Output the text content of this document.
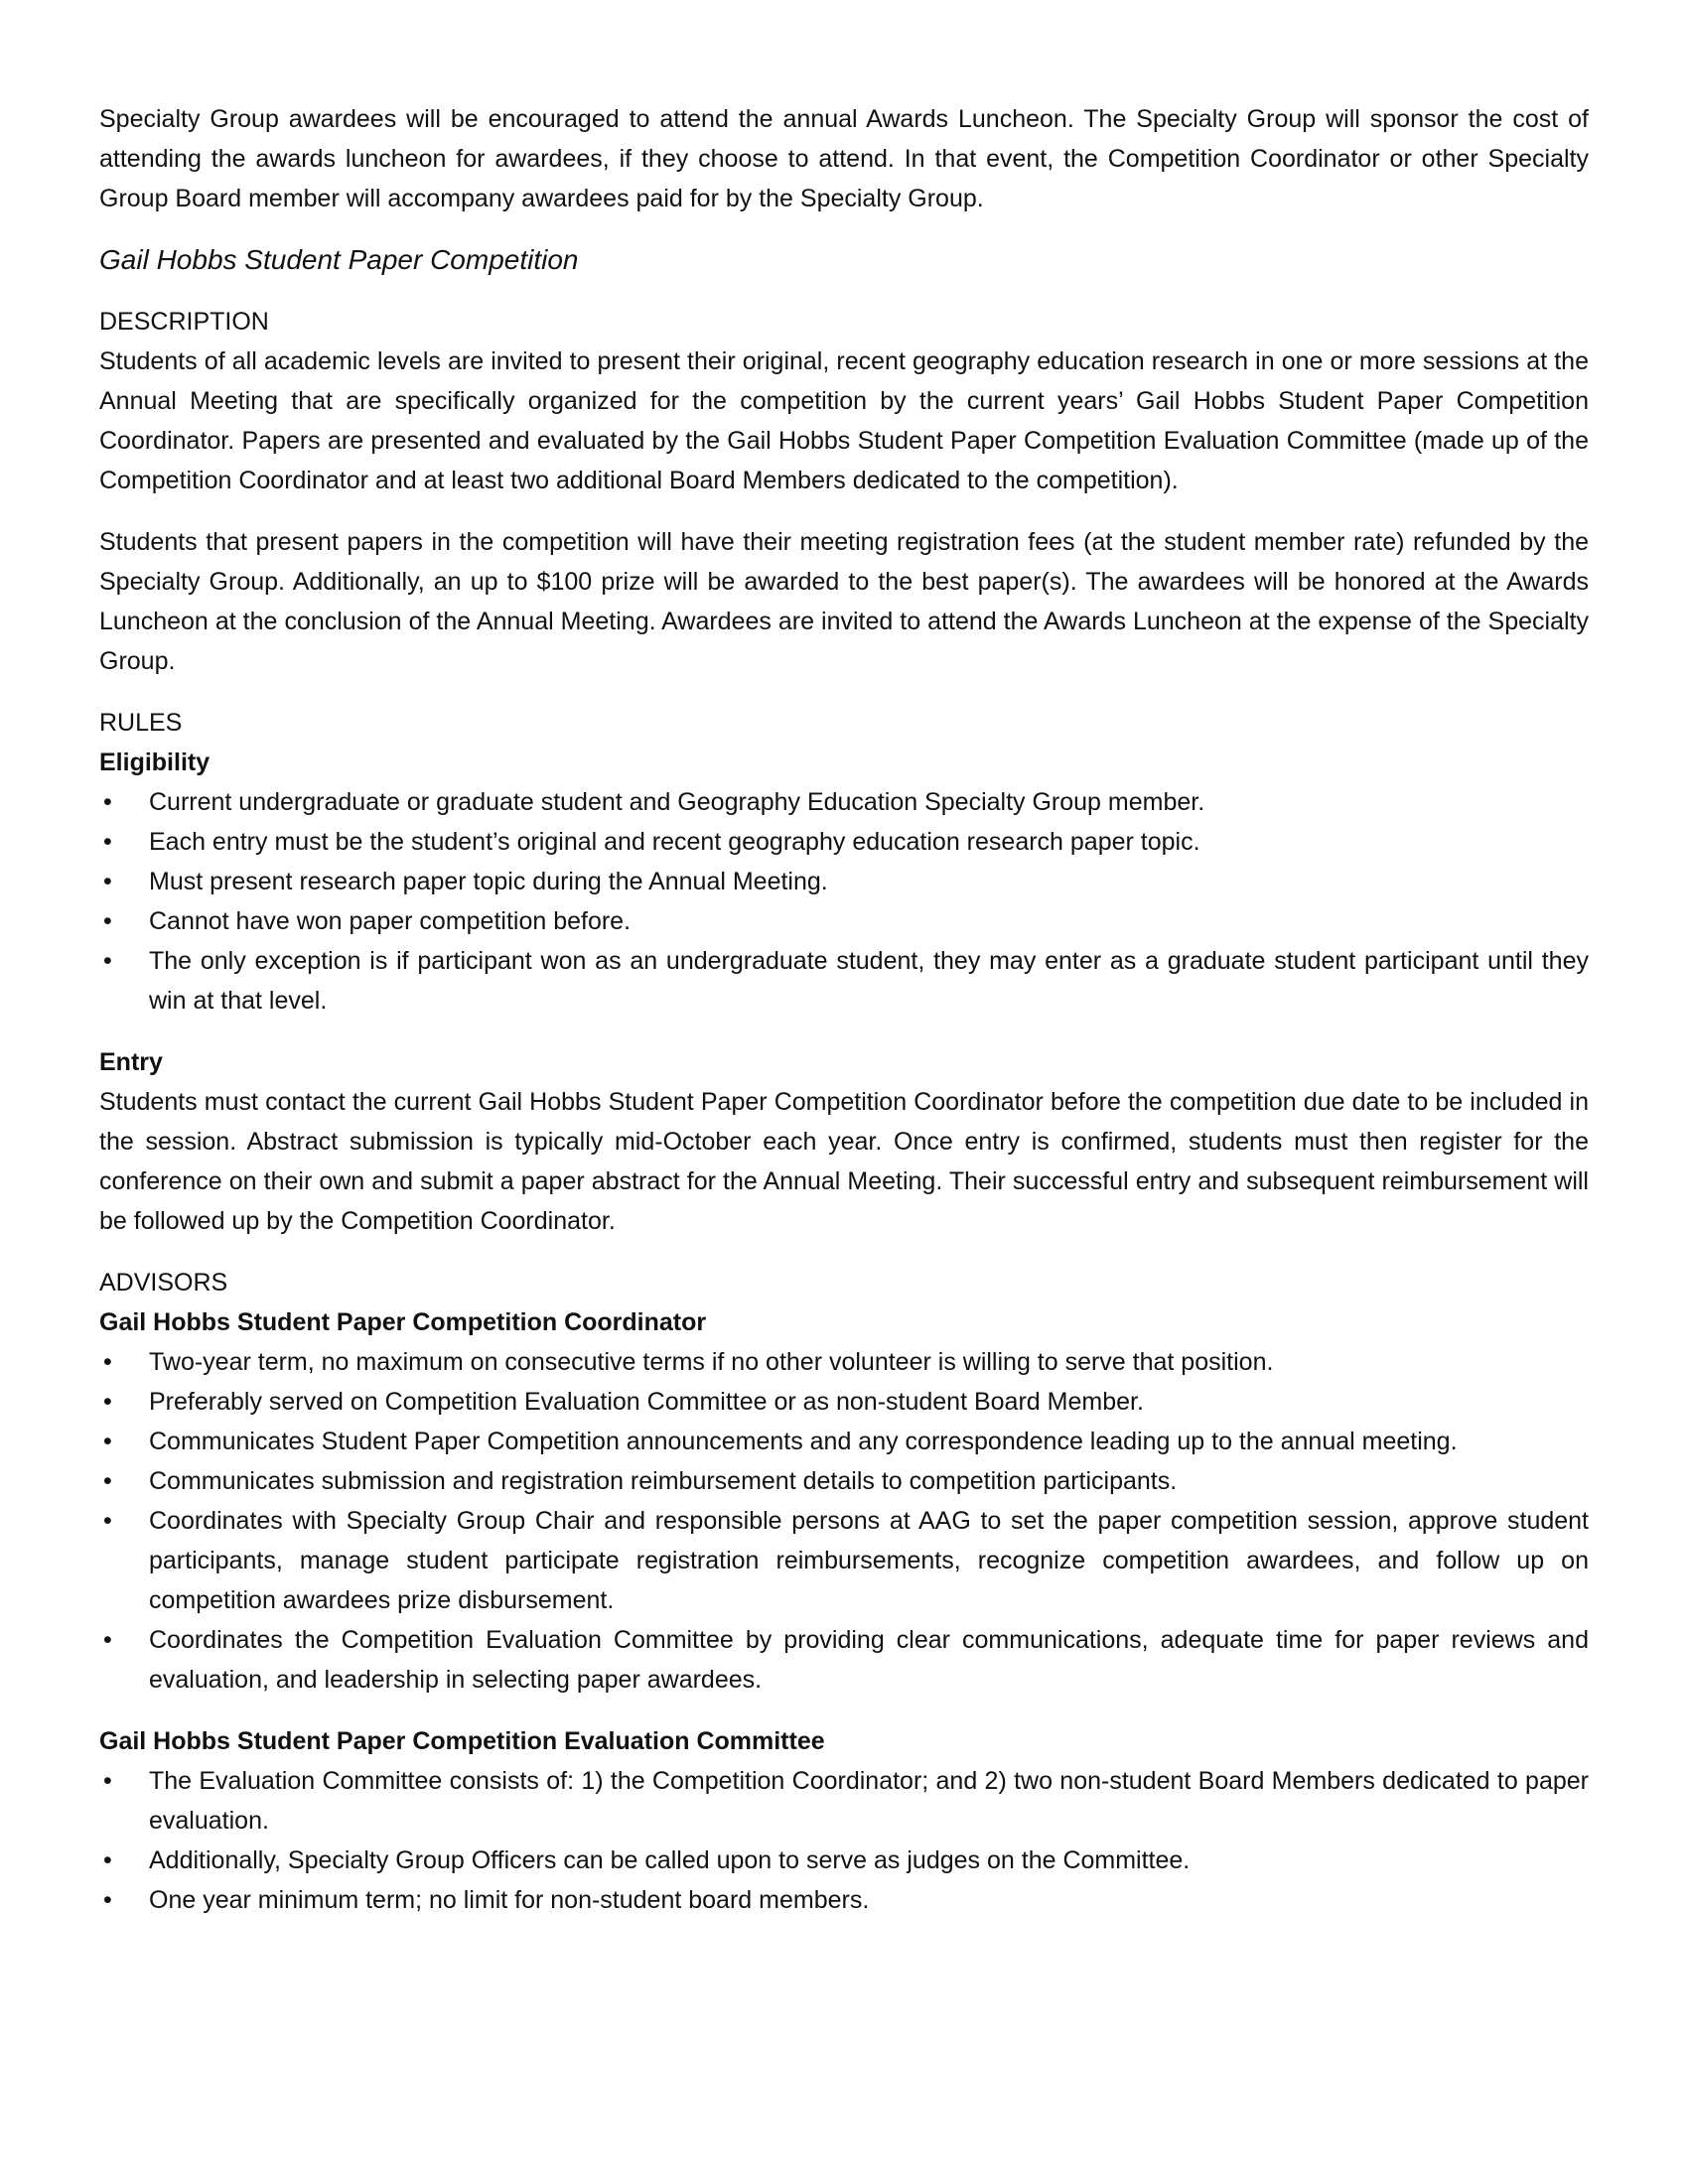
Specialty Group awardees will be encouraged to attend the annual Awards Luncheon. The Specialty Group will sponsor the cost of attending the awards luncheon for awardees, if they choose to attend. In that event, the Competition Coordinator or other Specialty Group Board member will accompany awardees paid for by the Specialty Group.

Gail Hobbs Student Paper Competition
DESCRIPTION

Students of all academic levels are invited to present their original, recent geography education research in one or more sessions at the Annual Meeting that are specifically organized for the competition by the current years’ Gail Hobbs Student Paper Competition Coordinator. Papers are presented and evaluated by the Gail Hobbs Student Paper Competition Evaluation Committee (made up of the Competition Coordinator and at least two additional Board Members dedicated to the competition).

Students that present papers in the competition will have their meeting registration fees (at the student member rate) refunded by the Specialty Group. Additionally, an up to $100 prize will be awarded to the best paper(s). The awardees will be honored at the Awards Luncheon at the conclusion of the Annual Meeting. Awardees are invited to attend the Awards Luncheon at the expense of the Specialty Group.

RULES
Eligibility
• Current undergraduate or graduate student and Geography Education Specialty Group member.
• Each entry must be the student’s original and recent geography education research paper topic.
• Must present research paper topic during the Annual Meeting.
• Cannot have won paper competition before.
• The only exception is if participant won as an undergraduate student, they may enter as a graduate student participant until they win at that level.
Entry

Students must contact the current Gail Hobbs Student Paper Competition Coordinator before the competition due date to be included in the session. Abstract submission is typically mid-October each year. Once entry is confirmed, students must then register for the conference on their own and submit a paper abstract for the Annual Meeting. Their successful entry and subsequent reimbursement will be followed up by the Competition Coordinator.

ADVISORS
Gail Hobbs Student Paper Competition Coordinator
• Two-year term, no maximum on consecutive terms if no other volunteer is willing to serve that position.
• Preferably served on Competition Evaluation Committee or as non-student Board Member.
• Communicates Student Paper Competition announcements and any correspondence leading up to the annual meeting.
• Communicates submission and registration reimbursement details to competition participants.
• Coordinates with Specialty Group Chair and responsible persons at AAG to set the paper competition session, approve student participants, manage student participate registration reimbursements, recognize competition awardees, and follow up on competition awardees prize disbursement.
• Coordinates the Competition Evaluation Committee by providing clear communications, adequate time for paper reviews and evaluation, and leadership in selecting paper awardees.
Gail Hobbs Student Paper Competition Evaluation Committee
• The Evaluation Committee consists of: 1) the Competition Coordinator; and 2) two non-student Board Members dedicated to paper evaluation.
• Additionally, Specialty Group Officers can be called upon to serve as judges on the Committee.
• One year minimum term; no limit for non-student board members.
